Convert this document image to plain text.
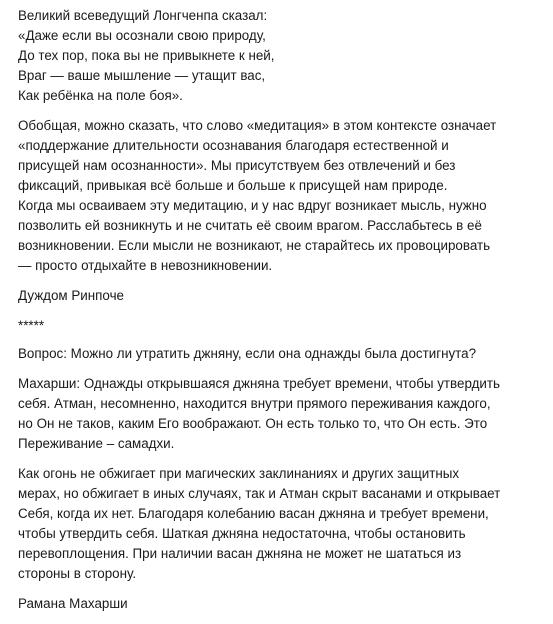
Великий всеведущий Лонгченпа сказал:
«Даже если вы осознали свою природу,
До тех пор, пока вы не привыкнете к ней,
Враг — ваше мышление — утащит вас,
Как ребёнка на поле боя».
Обобщая, можно сказать, что слово «медитация» в этом контексте означает
«поддержание длительности осознавания благодаря естественной и
присущей нам осознанности». Мы присутствуем без отвлечений и без
фиксаций, привыкая всё больше и больше к присущей нам природе.
Когда мы осваиваем эту медитацию, и у нас вдруг возникает мысль, нужно
позволить ей возникнуть и не считать её своим врагом. Расслабьтесь в её
возникновении. Если мысли не возникают, не старайтесь их провоцировать
— просто отдыхайте в невозникновении.
Дуждом Ринпоче
*****
Вопрос: Можно ли утратить джняну, если она однажды была достигнута?
Махарши: Однажды открывшаяся джняна требует времени, чтобы утвердить
себя. Атман, несомненно, находится внутри прямого переживания каждого,
но Он не таков, каким Его воображают. Он есть только то, что Он есть. Это
Переживание – самадхи.
Как огонь не обжигает при магических заклинаниях и других защитных
мерах, но обжигает в иных случаях, так и Атман скрыт васанами и открывает
Себя, когда их нет. Благодаря колебанию васан джняна и требует времени,
чтобы утвердить себя. Шаткая джняна недостаточна, чтобы остановить
перевоплощения. При наличии васан джняна не может не шататься из
стороны в сторону.
Рамана Махарши
